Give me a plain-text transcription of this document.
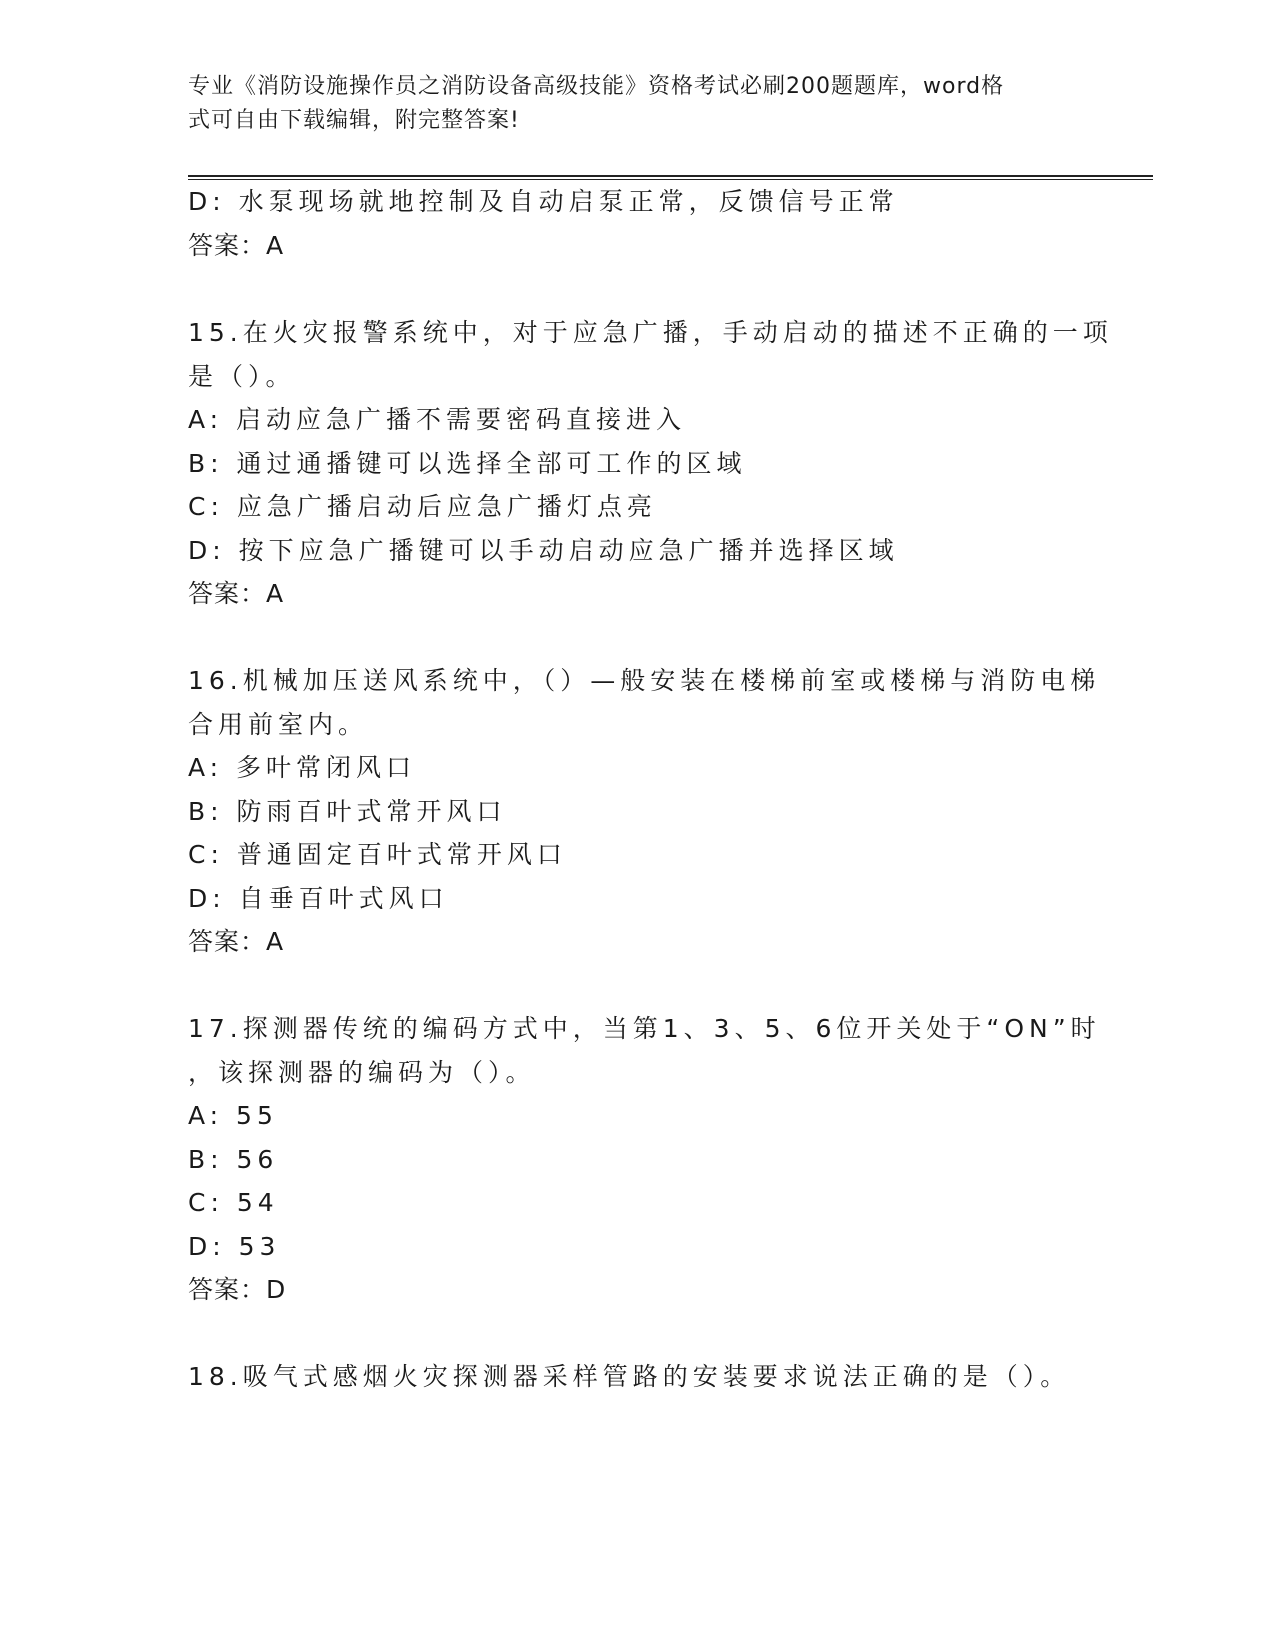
专业《消防设施操作员之消防设备高级技能》资格考试必刷200题题库，word格
式可自由下载编辑，附完整答案!
D: 水泵现场就地控制及自动启泵正常，反馈信号正常
答案：A
15.在火灾报警系统中，对于应急广播，手动启动的描述不正确的一项
是（）。
A: 启动应急广播不需要密码直接进入
B: 通过通播键可以选择全部可工作的区域
C: 应急广播启动后应急广播灯点亮
D: 按下应急广播键可以手动启动应急广播并选择区域
答案：A
16.机械加压送风系统中，（）—般安装在楼梯前室或楼梯与消防电梯
合用前室内。
A: 多叶常闭风口
B: 防雨百叶式常开风口
C: 普通固定百叶式常开风口
D: 自垂百叶式风口
答案：A
17.探测器传统的编码方式中，当第1、3、5、6位开关处于“ON”时
，该探测器的编码为（）。
A: 55
B: 56
C: 54
D: 53
答案：D
18.吸气式感烟火灾探测器采样管路的安装要求说法正确的是（）。
